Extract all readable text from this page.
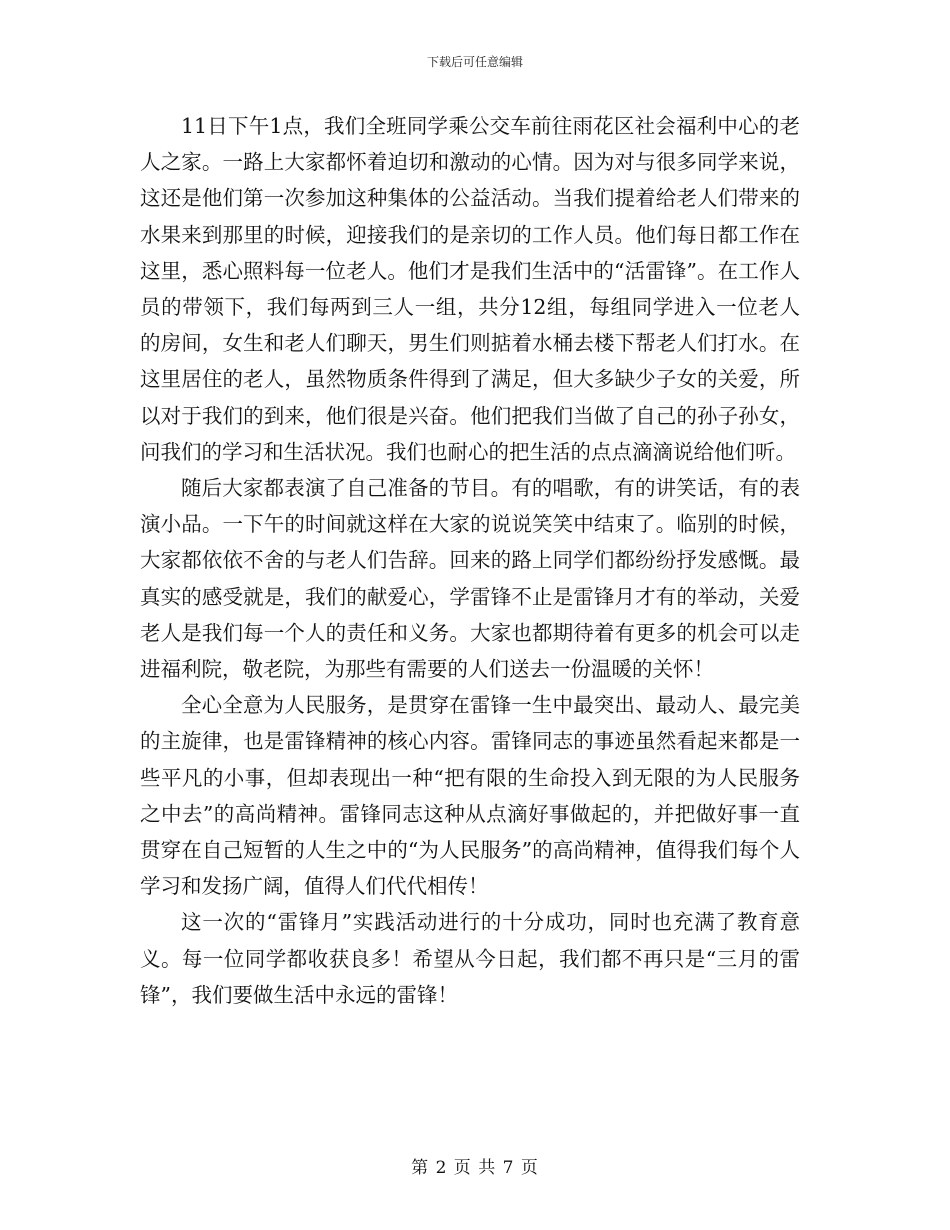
下载后可任意编辑

11日下午1点，我们全班同学乘公交车前往雨花区社会福利中心的老人之家。一路上大家都怀着迫切和激动的心情。因为对与很多同学来说，这还是他们第一次参加这种集体的公益活动。当我们提着给老人们带来的水果来到那里的时候，迎接我们的是亲切的工作人员。他们每日都工作在这里，悉心照料每一位老人。他们才是我们生活中的“活雷锋”。在工作人员的带领下，我们每两到三人一组，共分12组，每组同学进入一位老人的房间，女生和老人们聊天，男生们则掂着水桶去楼下帮老人们打水。在这里居住的老人，虽然物质条件得到了满足，但大多缺少子女的关爱，所以对于我们的到来，他们很是兴奋。他们把我们当做了自己的孙子孙女，问我们的学习和生活状况。我们也耐心的把生活的点点滴滴说给他们听。

随后大家都表演了自己准备的节目。有的唱歌，有的讲笑话，有的表演小品。一下午的时间就这样在大家的说说笑笑中结束了。临别的时候，大家都依依不舍的与老人们告辞。回来的路上同学们都纷纷抒发感慨。最真实的感受就是，我们的献爱心，学雷锋不止是雷锋月才有的举动，关爱老人是我们每一个人的责任和义务。大家也都期待着有更多的机会可以走进福利院，敬老院，为那些有需要的人们送去一份温暖的关怀！

全心全意为人民服务，是贯穿在雷锋一生中最突出、最动人、最完美的主旋律，也是雷锋精神的核心内容。雷锋同志的事迹虽然看起来都是一些平凡的小事，但却表现出一种“把有限的生命投入到无限的为人民服务之中去”的高尚精神。雷锋同志这种从点滴好事做起的，并把做好事一直贯穿在自己短暂的人生之中的“为人民服务”的高尚精神，值得我们每个人学习和发扬广阔，值得人们代代相传！

这一次的“雷锋月”实践活动进行的十分成功，同时也充满了教育意义。每一位同学都收获良多！希望从今日起，我们都不再只是“三月的雷锋”，我们要做生活中永远的雷锋！

第 2 页 共 7 页
